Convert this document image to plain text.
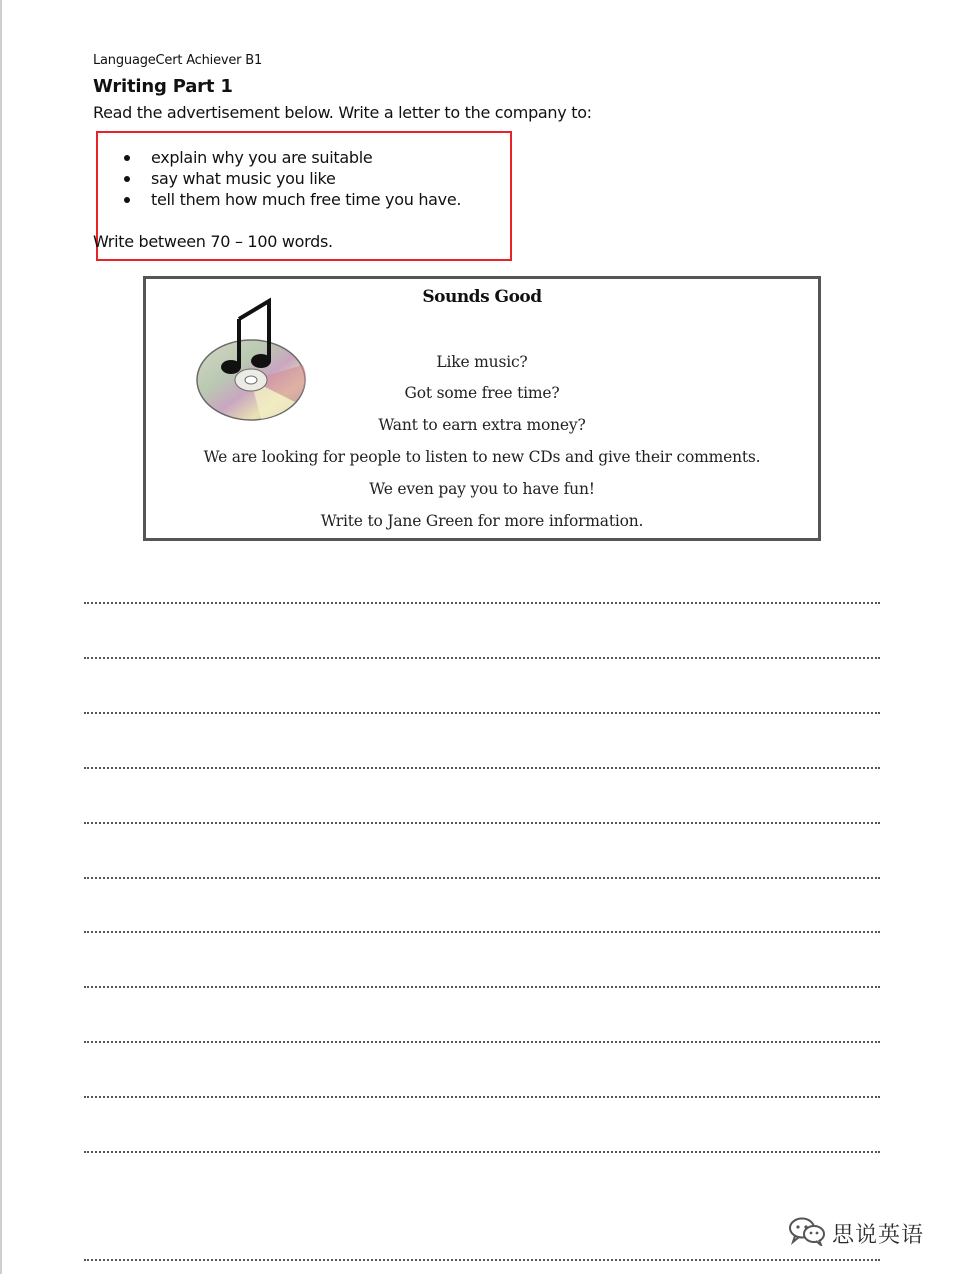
LanguageCert Achiever B1
Writing Part 1
Read the advertisement below. Write a letter to the company to:
explain why you are suitable
say what music you like
tell them how much free time you have.
Write between 70 – 100 words.
Sounds Good
Like music?
Got some free time?
Want to earn extra money?
We are looking for people to listen to new CDs and give their comments.
We even pay you to have fun!
Write to Jane Green for more information.
思说英语
